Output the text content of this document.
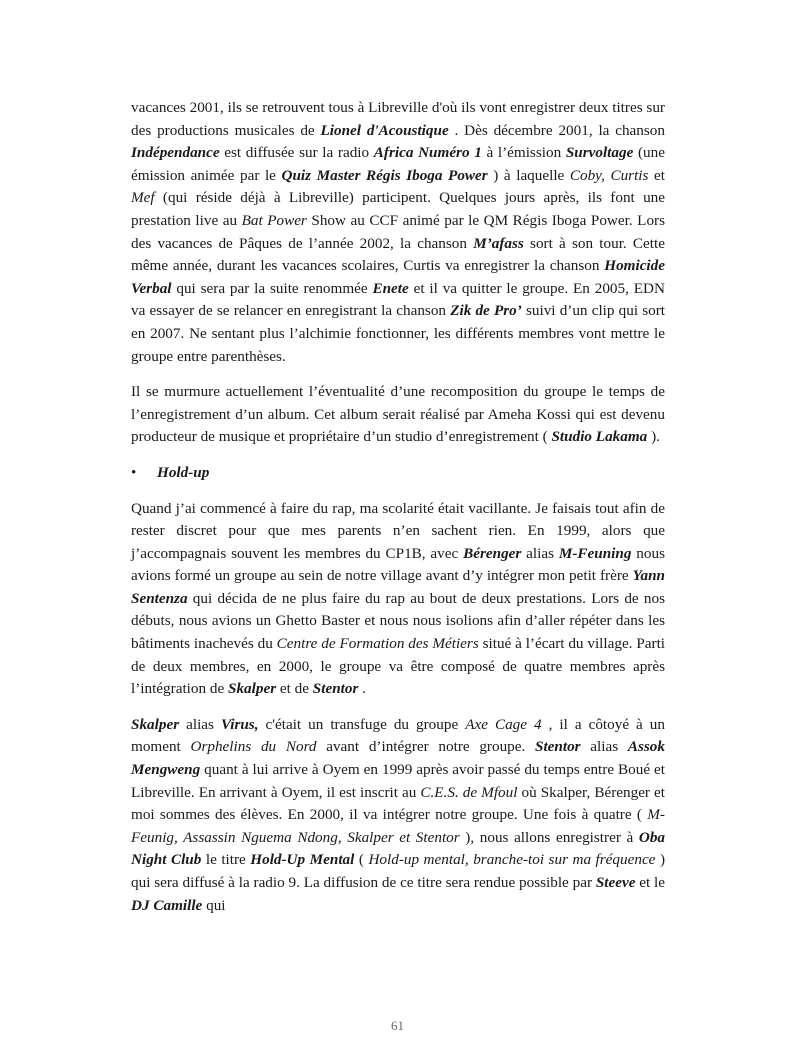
vacances 2001, ils se retrouvent tous à Libreville d'où ils vont enregistrer deux titres sur des productions musicales de Lionel d'Acoustique . Dès décembre 2001, la chanson Indépendance est diffusée sur la radio Africa Numéro 1 à l’émission Survoltage (une émission animée par le Quiz Master Régis Iboga Power ) à laquelle Coby, Curtis et Mef (qui réside déjà à Libreville) participent. Quelques jours après, ils font une prestation live au Bat Power Show au CCF animé par le QM Régis Iboga Power. Lors des vacances de Pâques de l’année 2002, la chanson M’afass sort à son tour. Cette même année, durant les vacances scolaires, Curtis va enregistrer la chanson Homicide Verbal qui sera par la suite renommée Enete et il va quitter le groupe. En 2005, EDN va essayer de se relancer en enregistrant la chanson Zik de Pro’ suivi d’un clip qui sort en 2007. Ne sentant plus l’alchimie fonctionner, les différents membres vont mettre le groupe entre parenthèses.

Il se murmure actuellement l’éventualité d’une recomposition du groupe le temps de l’enregistrement d’un album. Cet album serait réalisé par Ameha Kossi qui est devenu producteur de musique et propriétaire d’un studio d’enregistrement ( Studio Lakama ).

•	Hold-up

Quand j’ai commencé à faire du rap, ma scolarité était vacillante. Je faisais tout afin de rester discret pour que mes parents n’en sachent rien. En 1999, alors que j’accompagnais souvent les membres du CP1B, avec Bérenger alias M-Feuning nous avions formé un groupe au sein de notre village avant d’y intégrer mon petit frère Yann Sentenza qui décida de ne plus faire du rap au bout de deux prestations. Lors de nos débuts, nous avions un Ghetto Baster et nous nous isolions afin d’aller répéter dans les bâtiments inachevés du Centre de Formation des Métiers situé à l’écart du village. Parti de deux membres, en 2000, le groupe va être composé de quatre membres après l’intégration de Skalper et de Stentor .

Skalper alias Virus, c'était un transfuge du groupe Axe Cage 4 , il a côtoyé à un moment Orphelins du Nord avant d’intégrer notre groupe. Stentor alias Assok Mengweng quant à lui arrive à Oyem en 1999 après avoir passé du temps entre Boué et Libreville. En arrivant à Oyem, il est inscrit au C.E.S. de Mfoul où Skalper, Bérenger et moi sommes des élèves. En 2000, il va intégrer notre groupe. Une fois à quatre ( M-Feunig, Assassin Nguema Ndong, Skalper et Stentor ), nous allons enregistrer à Oba Night Club le titre Hold-Up Mental ( Hold-up mental, branche-toi sur ma fréquence ) qui sera diffusé à la radio 9. La diffusion de ce titre sera rendue possible par Steeve et le DJ Camille qui

61
